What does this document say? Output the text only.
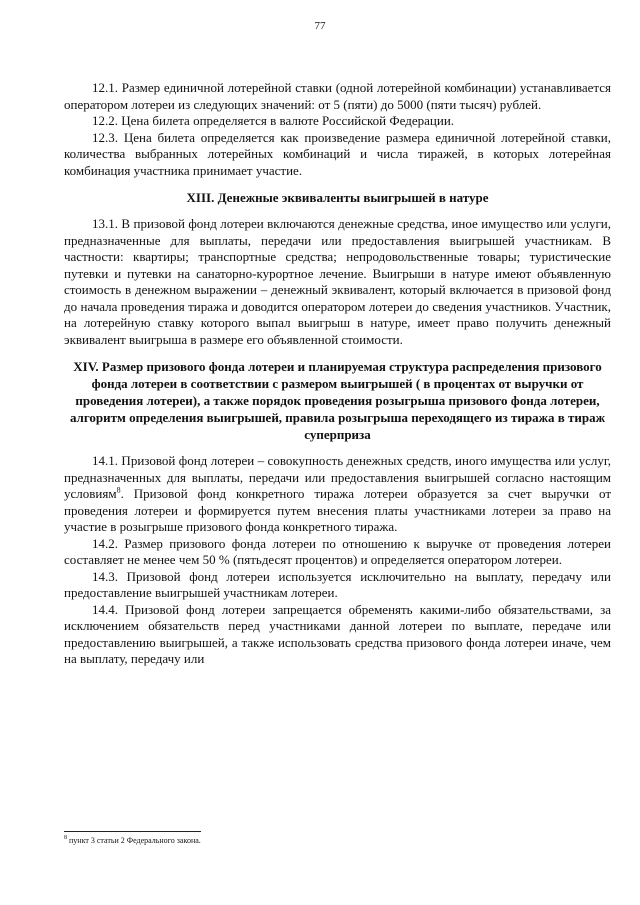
77

12.1. Размер единичной лотерейной ставки (одной лотерейной комбинации) устанавливается оператором лотереи из следующих значений: от 5 (пяти) до 5000 (пяти тысяч) рублей.

12.2. Цена билета определяется в валюте Российской Федерации.

12.3. Цена билета определяется как произведение размера единичной лотерейной ставки, количества выбранных лотерейных комбинаций и числа тиражей, в которых лотерейная комбинация участника принимает участие.

XIII. Денежные эквиваленты выигрышей в натуре

13.1. В призовой фонд лотереи включаются денежные средства, иное имущество или услуги, предназначенные для выплаты, передачи или предоставления выигрышей участникам. В частности: квартиры; транспортные средства; непродовольственные товары; туристические путевки и путевки на санаторно-курортное лечение. Выигрыши в натуре имеют объявленную стоимость в денежном выражении – денежный эквивалент, который включается в призовой фонд до начала проведения тиража и доводится оператором лотереи до сведения участников. Участник, на лотерейную ставку которого выпал выигрыш в натуре, имеет право получить денежный эквивалент выигрыша в размере его объявленной стоимости.

XIV. Размер призового фонда лотереи и планируемая структура распределения призового фонда лотереи в соответствии с размером выигрышей ( в процентах от выручки от проведения лотереи), а также порядок проведения розыгрыша призового фонда лотереи, алгоритм определения выигрышей, правила розыгрыша переходящего из тиража в тираж суперприза

14.1. Призовой фонд лотереи – совокупность денежных средств, иного имущества или услуг, предназначенных для выплаты, передачи или предоставления выигрышей согласно настоящим условиям$^8$. Призовой фонд конкретного тиража лотереи образуется за счет выручки от проведения лотереи и формируется путем внесения платы участниками лотереи за право на участие в розыгрыше призового фонда конкретного тиража.

14.2. Размер призового фонда лотереи по отношению к выручке от проведения лотереи составляет не менее чем 50 % (пятьдесят процентов) и определяется оператором лотереи.

14.3. Призовой фонд лотереи используется исключительно на выплату, передачу или предоставление выигрышей участникам лотереи.

14.4. Призовой фонд лотереи запрещается обременять какими-либо обязательствами, за исключением обязательств перед участниками данной лотереи по выплате, передаче или предоставлению выигрышей, а также использовать средства призового фонда лотереи иначе, чем на выплату, передачу или

$^8$ пункт 3 статьи 2 Федерального закона.
